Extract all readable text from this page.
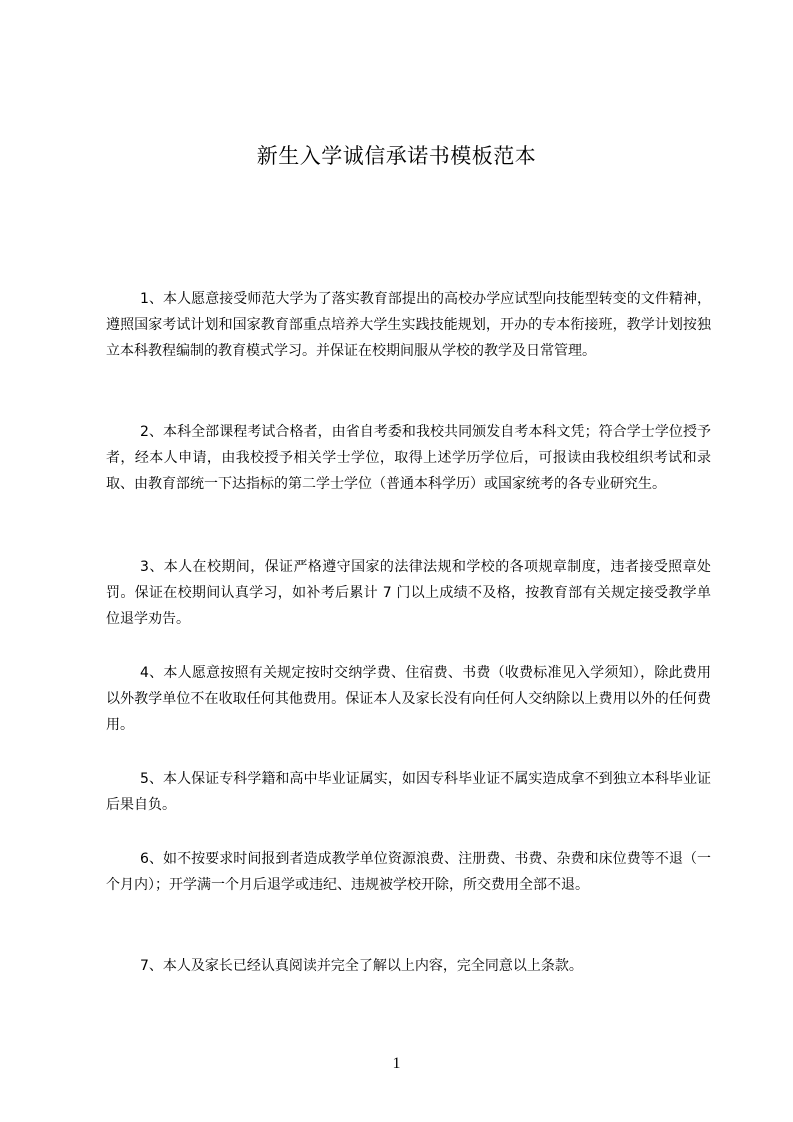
新生入学诚信承诺书模板范本

1、本人愿意接受师范大学为了落实教育部提出的高校办学应试型向技能型转变的文件精神，遵照国家考试计划和国家教育部重点培养大学生实践技能规划，开办的专本衔接班，教学计划按独立本科教程编制的教育模式学习。并保证在校期间服从学校的教学及日常管理。

2、本科全部课程考试合格者，由省自考委和我校共同颁发自考本科文凭；符合学士学位授予者，经本人申请，由我校授予相关学士学位，取得上述学历学位后，可报读由我校组织考试和录取、由教育部统一下达指标的第二学士学位（普通本科学历）或国家统考的各专业研究生。

3、本人在校期间，保证严格遵守国家的法律法规和学校的各项规章制度，违者接受照章处罚。保证在校期间认真学习，如补考后累计 7 门以上成绩不及格，按教育部有关规定接受教学单位退学劝告。

4、本人愿意按照有关规定按时交纳学费、住宿费、书费（收费标准见入学须知），除此费用以外教学单位不在收取任何其他费用。保证本人及家长没有向任何人交纳除以上费用以外的任何费用。

5、本人保证专科学籍和高中毕业证属实，如因专科毕业证不属实造成拿不到独立本科毕业证后果自负。

6、如不按要求时间报到者造成教学单位资源浪费、注册费、书费、杂费和床位费等不退（一个月内）；开学满一个月后退学或违纪、违规被学校开除，所交费用全部不退。

7、本人及家长已经认真阅读并完全了解以上内容，完全同意以上条款。

1
